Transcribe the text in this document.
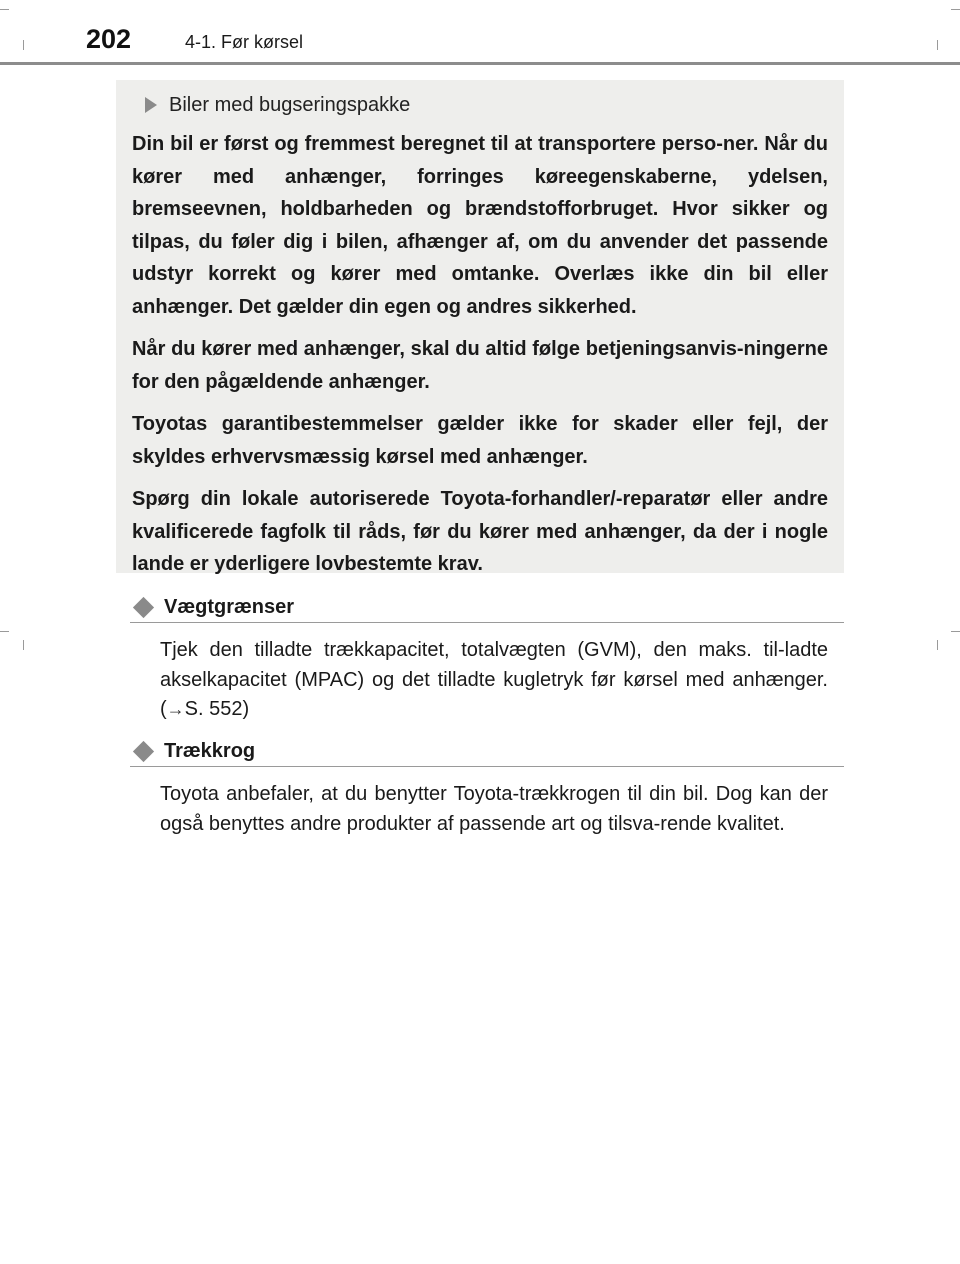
202	4-1. Før kørsel
Biler med bugseringspakke

Din bil er først og fremmest beregnet til at transportere perso-ner. Når du kører med anhænger, forringes køreegenskaberne, ydelsen, bremseevnen, holdbarheden og brændstofforbruget. Hvor sikker og tilpas, du føler dig i bilen, afhænger af, om du anvender det passende udstyr korrekt og kører med omtanke. Overlæs ikke din bil eller anhænger. Det gælder din egen og andres sikkerhed.

Når du kører med anhænger, skal du altid følge betjeningsanvis-ningerne for den pågældende anhænger.

Toyotas garantibestemmelser gælder ikke for skader eller fejl, der skyldes erhvervsmæssig kørsel med anhænger.

Spørg din lokale autoriserede Toyota-forhandler/-reparatør eller andre kvalificerede fagfolk til råds, før du kører med anhænger, da der i nogle lande er yderligere lovbestemte krav.

Vægtgrænser

Tjek den tilladte trækkapacitet, totalvægten (GVM), den maks. til-ladte akselkapacitet (MPAC) og det tilladte kugletryk før kørsel med anhænger. (→S. 552)

Trækkrog

Toyota anbefaler, at du benytter Toyota-trækkrogen til din bil. Dog kan der også benyttes andre produkter af passende art og tilsva-rende kvalitet.
